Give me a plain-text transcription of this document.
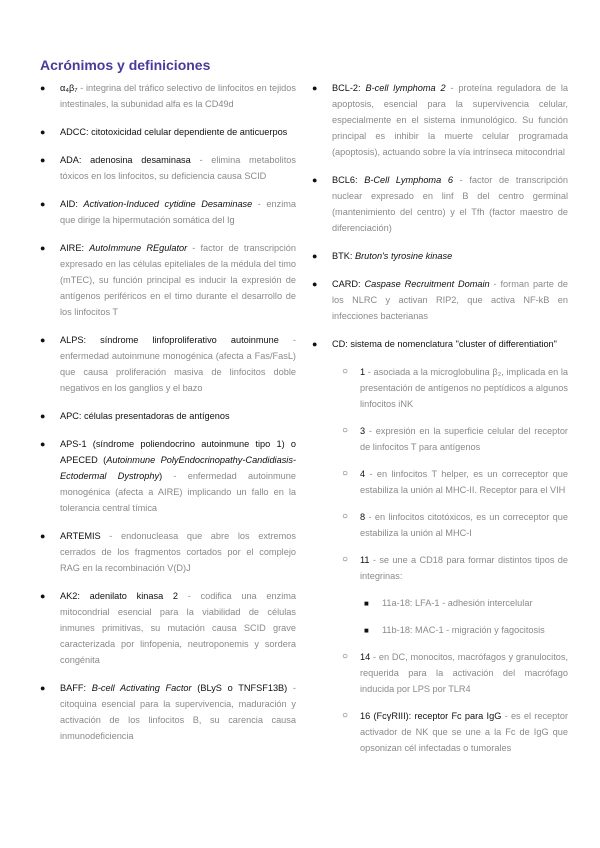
Acrónimos y definiciones
● α₄β₇ - integrina del tráfico selectivo de linfocitos en tejidos intestinales, la subunidad alfa es la CD49d
● ADCC: citotoxicidad celular dependiente de anticuerpos
● ADA: adenosina desaminasa - elimina metabolitos tóxicos en los linfocitos, su deficiencia causa SCID
● AID: Activation-Induced cytidine Desaminase - enzima que dirige la hipermutación somática del Ig
● AIRE: AutoImmune REgulator - factor de transcripción expresado en las células epiteliales de la médula del timo (mTEC), su función principal es inducir la expresión de antígenos periféricos en el timo durante el desarrollo de los linfocitos T
● ALPS: síndrome linfoproliferativo autoinmune - enfermedad autoinmune monogénica (afecta a Fas/FasL) que causa proliferación masiva de linfocitos doble negativos en los ganglios y el bazo
● APC: células presentadoras de antígenos
● APS-1 (síndrome poliendocrino autoinmune tipo 1) o APECED (Autoinmune PolyEndocrinopathy-Candidiasis-Ectodermal Dystrophy) - enfermedad autoinmune monogénica (afecta a AIRE) implicando un fallo en la tolerancia central tímica
● ARTEMIS - endonucleasa que abre los extremos cerrados de los fragmentos cortados por el complejo RAG en la recombinación V(D)J
● AK2: adenilato kinasa 2 - codifica una enzima mitocondrial esencial para la viabilidad de células inmunes primitivas, su mutación causa SCID grave caracterizada por linfopenia, neutroponemis y sordera congénita
● BAFF: B-cell Activating Factor (BLyS o TNFSF13B) - citoquina esencial para la supervivencia, maduración y activación de los linfocitos B, su carencia causa inmunodeficiencia
● BCL-2: B-cell lymphoma 2 - proteína reguladora de la apoptosis, esencial para la supervivencia celular, especialmente en el sistema inmunológico. Su función principal es inhibir la muerte celular programada (apoptosis), actuando sobre la vía intrínseca mitocondrial
● BCL6: B-Cell Lymphoma 6 - factor de transcripción nuclear expresado en linf B del centro germinal (mantenimiento del centro) y el Tfh (factor maestro de diferenciación)
● BTK: Bruton's tyrosine kinase
● CARD: Caspase Recruitment Domain - forman parte de los NLRC y activan RIP2, que activa NF-kB en infecciones bacterianas
● CD: sistema de nomenclatura "cluster of differentiation"
○ 1 - asociada a la microglobulina β₂, implicada en la presentación de antígenos no peptídicos a algunos linfocitos iNK
○ 3 - expresión en la superficie celular del receptor de linfocitos T para antígenos
○ 4 - en linfocitos T helper, es un correceptor que estabiliza la unión al MHC-II. Receptor para el VIH
○ 8 - en linfocitos citotóxicos, es un correceptor que estabiliza la unión al MHC-I
○ 11 - se une a CD18 para formar distintos tipos de integrinas:
■ 11a-18: LFA-1 - adhesión intercelular
■ 11b-18: MAC-1 - migración y fagocitosis
○ 14 - en DC, monocitos, macrófagos y granulocitos, requerida para la activación del macrófago inducida por LPS por TLR4
○ 16 (FcγRIII): receptor Fc para IgG - es el receptor activador de NK que se une a la Fc de IgG que opsonizan cél infectadas o tumorales
